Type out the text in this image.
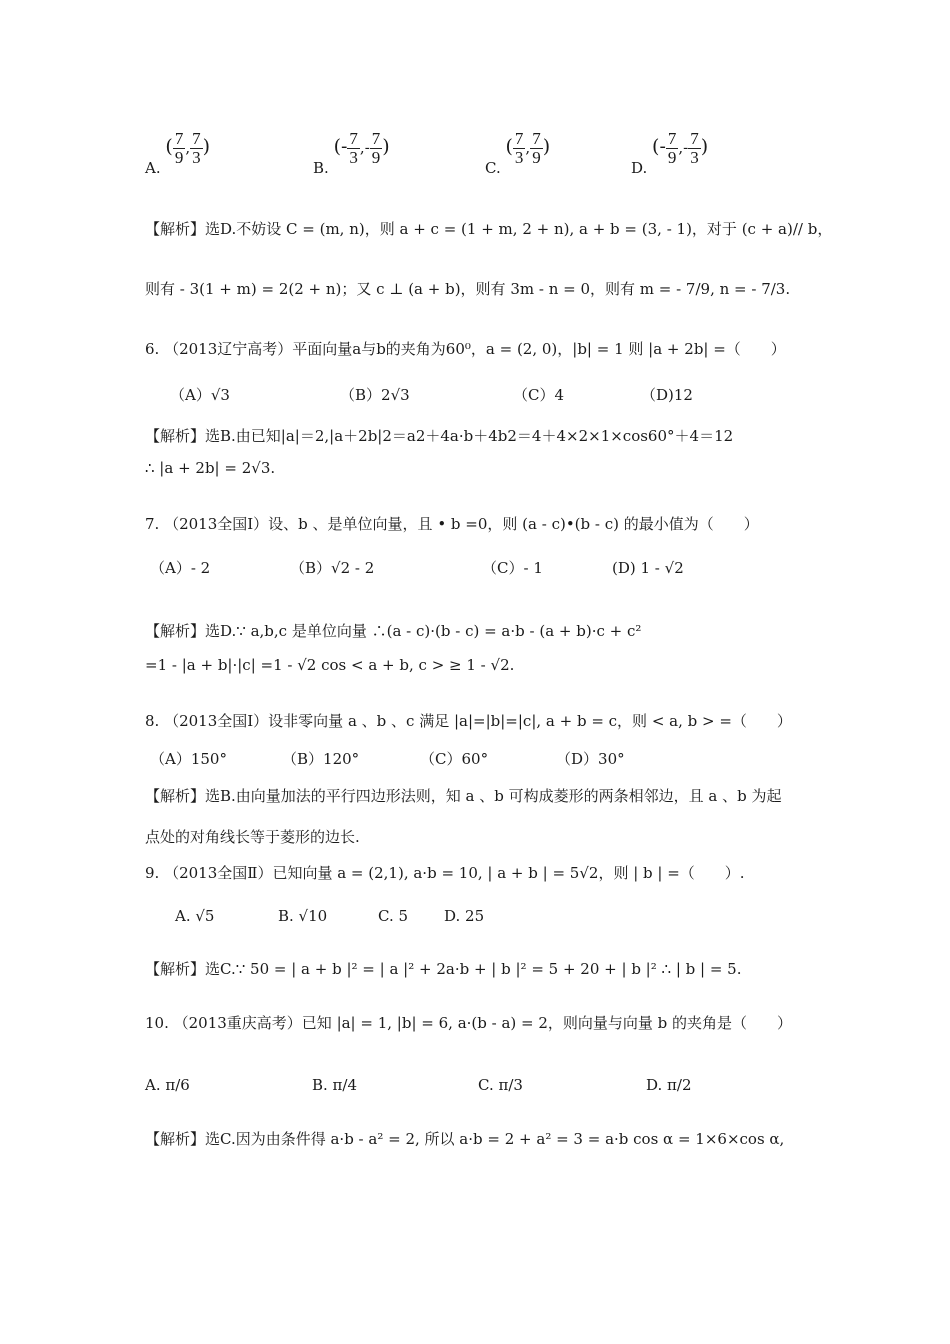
A. ( $\frac{7}{9}$ , $\frac{7}{3}$ )
B. (- $\frac{7}{3}$ ,- $\frac{7}{9}$ )
C. ( $\frac{7}{3}$ , $\frac{7}{9}$ )
D. (- $\frac{7}{9}$ ,- $\frac{7}{3}$ )
【解析】选D.不妨设 C = (m, n)，则 a + c = (1 + m, 2 + n), a + b = (3, - 1)，对于 (c + a)// b，
则有 - 3(1 + m) = 2(2 + n)；又 c ⊥ (a + b)，则有 3m - n = 0，则有 m = - 7/9, n = - 7/3.
6. （2013辽宁高考）平面向量a与b的夹角为60⁰，a = (2, 0)，|b| = 1 则 |a + 2b| =（　　）
（A）√3	（B）2√3	（C）4	（D)12
【解析】选B.由已知|a|＝2,|a＋2b|2＝a2＋4a·b＋4b2＝4＋4×2×1×cos60°＋4＝12
∴ |a + 2b| = 2√3.
7. （2013全国Ⅰ）设、b 、是单位向量，且 • b =0，则 (a - c)•(b - c) 的最小值为（　　）
（A）- 2	（B）√2 - 2	（C）- 1	(D) 1 - √2
【解析】选D.∵ a,b,c 是单位向量 ∴(a - c)·(b - c) = a·b - (a + b)·c + c²
=1 - |a + b|·|c| =1 - √2 cos < a + b, c > ≥ 1 - √2.
8. （2013全国Ⅰ）设非零向量 a 、b 、c 满足 |a|=|b|=|c|, a + b = c，则 < a, b > =（　　）
（A）150°	（B）120°	（C）60°	（D）30°
【解析】选B.由向量加法的平行四边形法则，知 a 、b 可构成菱形的两条相邻边，且 a 、b 为起
点处的对角线长等于菱形的边长.
9. （2013全国Ⅱ）已知向量 a = (2,1), a·b = 10, | a + b | = 5√2，则 | b | =（　　）.
A. √5	B. √10	C. 5 D. 25
【解析】选C.∵ 50 = | a + b |² = | a |² + 2a·b + | b |² = 5 + 20 + | b |² ∴ | b | = 5.
10. （2013重庆高考）已知 |a| = 1, |b| = 6, a·(b - a) = 2，则向量与向量 b 的夹角是（　　）
A. π/6	B. π/4	C. π/3	D. π/2
【解析】选C.因为由条件得 a·b - a² = 2, 所以 a·b = 2 + a² = 3 = a·b cos α = 1×6×cos α,
